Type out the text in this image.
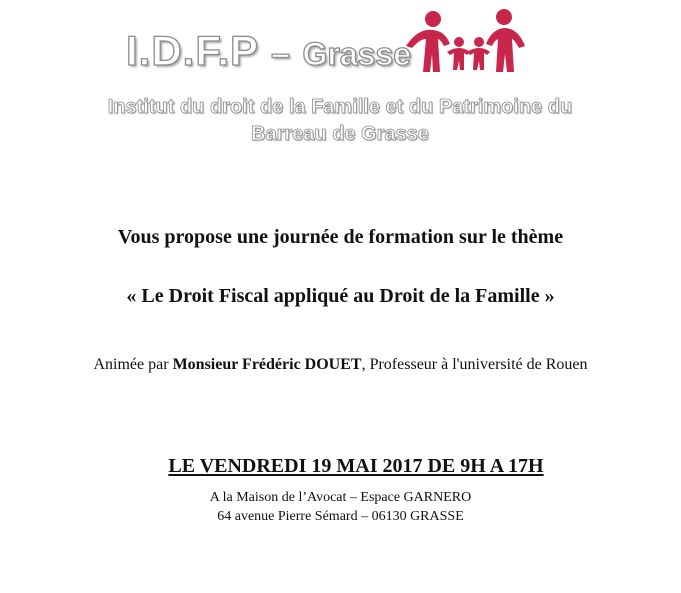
I.D.F.P – Grasse
Institut du droit de la Famille et du Patrimoine du
Barreau de Grasse
Vous propose une journée de formation sur le thème
« Le Droit Fiscal appliqué au Droit de la Famille »
Animée par Monsieur Frédéric DOUET, Professeur à l'université de Rouen
LE VENDREDI 19 MAI 2017 DE 9H A 17H
A la Maison de l’Avocat – Espace GARNERO
64 avenue Pierre Sémard – 06130 GRASSE
